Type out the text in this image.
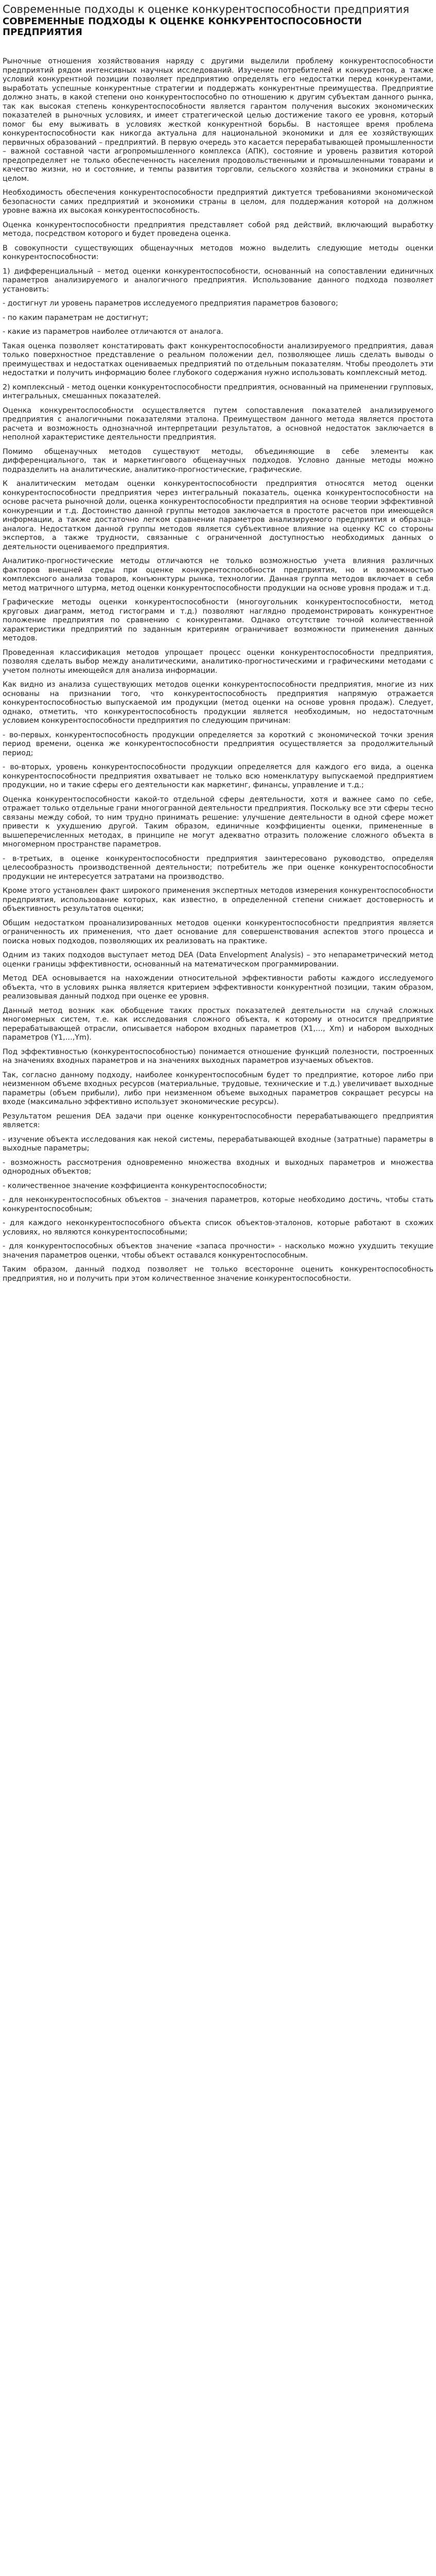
Современные подходы к оценке конкурентоспособности предприятия
СОВРЕМЕННЫЕ ПОДХОДЫ К ОЦЕНКЕ КОНКУРЕНТОСПОСОБНОСТИ ПРЕДПРИЯТИЯ

Рыночные отношения хозяйствования наряду с другими выделили проблему конкурентоспособности предприятий рядом интенсивных научных исследований. Изучение потребителей и конкурентов, а также условий конкурентной позиции позволяет предприятию определять его недостатки перед конкурентами, выработать успешные конкурентные стратегии и поддержать конкурентные преимущества. Предприятие должно знать, в какой степени оно конкурентоспособно по отношению к другим субъектам данного рынка, так как высокая степень конкурентоспособности является гарантом получения высоких экономических показателей в рыночных условиях, и имеет стратегической целью достижение такого ее уровня, который помог бы ему выживать в условиях жесткой конкурентной борьбы. В настоящее время проблема конкурентоспособности как никогда актуальна для национальной экономики и для ее хозяйствующих первичных образований – предприятий. В первую очередь это касается перерабатывающей промышленности – важной составной части агропромышленного комплекса (АПК), состояние и уровень развития которой предопределяет не только обеспеченность населения продовольственными и промышленными товарами и качество жизни, но и состояние, и темпы развития торговли, сельского хозяйства и экономики страны в целом.

Необходимость обеспечения конкурентоспособности предприятий диктуется требованиями экономической безопасности самих предприятий и экономики страны в целом, для поддержания которой на должном уровне важна их высокая конкурентоспособность.

Оценка конкурентоспособности предприятия представляет собой ряд действий, включающий выработку метода, посредством которого и будет проведена оценка.

В совокупности существующих общенаучных методов можно выделить следующие методы оценки конкурентоспособности:

1) дифференциальный – метод оценки конкурентоспособности, основанный на сопоставлении единичных параметров анализируемого и аналогичного предприятия. Использование данного подхода позволяет установить:

- достигнут ли уровень параметров исследуемого предприятия параметров базового;

- по каким параметрам не достигнут;

- какие из параметров наиболее отличаются от аналога.

Такая оценка позволяет констатировать факт конкурентоспособности анализируемого предприятия, давая только поверхностное представление о реальном положении дел, позволяющее лишь сделать выводы о преимуществах и недостатках оцениваемых предприятий по отдельным показателям. Чтобы преодолеть эти недостатки и получить информацию более глубокого содержания нужно использовать комплексный метод.

2) комплексный - метод оценки конкурентоспособности предприятия, основанный на применении групповых, интегральных, смешанных показателей.

Оценка конкурентоспособности осуществляется путем сопоставления показателей анализируемого предприятия с аналогичными показателями эталона. Преимуществом данного метода является простота расчета и возможность однозначной интерпретации результатов, а основной недостаток заключается в неполной характеристике деятельности предприятия.

Помимо общенаучных методов существуют методы, объединяющие в себе элементы как дифференциального, так и маркетингового общенаучных подходов. Условно данные методы можно подразделить на аналитические, аналитико-прогностические, графические.

К аналитическим методам оценки конкурентоспособности предприятия относятся метод оценки конкурентоспособности предприятия через интегральный показатель, оценка конкурентоспособности на основе расчета рыночной доли, оценка конкурентоспособности предприятия на основе теории эффективной конкуренции и т.д. Достоинство данной группы методов заключается в простоте расчетов при имеющейся информации, а также достаточно легком сравнении параметров анализируемого предприятия и образца-аналога. Недостатком данной группы методов является субъективное влияние на оценку КС со стороны экспертов, а также трудности, связанные с ограниченной доступностью необходимых данных о деятельности оцениваемого предприятия.

Аналитико-прогностические методы отличаются не только возможностью учета влияния различных факторов внешней среды при оценке конкурентоспособности предприятия, но и возможностью комплексного анализа товаров, конъюнктуры рынка, технологии. Данная группа методов включает в себя метод матричного штурма, метод оценки конкурентоспособности продукции на основе уровня продаж и т.д.

Графические методы оценки конкурентоспособности (многоугольник конкурентоспособности, метод круговых диаграмм, метод гистограмм и т.д.) позволяют наглядно продемонстрировать конкурентное положение предприятия по сравнению с конкурентами. Однако отсутствие точной количественной характеристики предприятий по заданным критериям ограничивает возможности применения данных методов.

Проведенная классификация методов упрощает процесс оценки конкурентоспособности предприятия, позволяя сделать выбор между аналитическими, аналитико-прогностическими и графическими методами с учетом полноты имеющейся для анализа информации.

Как видно из анализа существующих методов оценки конкурентоспособности предприятия, многие из них основаны на признании того, что конкурентоспособность предприятия напрямую отражается конкурентоспособностью выпускаемой им продукции (метод оценки на основе уровня продаж). Следует, однако, отметить, что конкурентоспособность продукции является необходимым, но недостаточным условием конкурентоспособности предприятия по следующим причинам:

- во-первых, конкурентоспособность продукции определяется за короткий с экономической точки зрения период времени, оценка же конкурентоспособности предприятия осуществляется за продолжительный период;

- во-вторых, уровень конкурентоспособности продукции определяется для каждого его вида, а оценка конкурентоспособности предприятия охватывает не только всю номенклатуру выпускаемой предприятием продукции, но и такие сферы его деятельности как маркетинг, финансы, управление и т.д.;

Оценка конкурентоспособности какой-то отдельной сферы деятельности, хотя и важнее само по себе, отражает только отдельные грани многогранной деятельности предприятия. Поскольку все эти сферы тесно связаны между собой, то ним трудно принимать решение: улучшение деятельности в одной сфере может привести к ухудшению другой. Таким образом, единичные коэффициенты оценки, примененные в вышеперечисленных методах, в принципе не могут адекватно отразить положение сложного объекта в многомерном пространстве параметров.

- в-третьих, в оценке конкурентоспособности предприятия заинтересовано руководство, определяя целесообразность производственной деятельности; потребитель же при оценке конкурентоспособности продукции не интересуется затратами на производство.

Кроме этого установлен факт широкого применения экспертных методов измерения конкурентоспособности предприятия, использование которых, как известно, в определенной степени снижает достоверность и объективность результатов оценки;

Общим недостатком проанализированных методов оценки конкурентоспособности предприятия является ограниченность их применения, что дает основание для совершенствования аспектов этого процесса и поиска новых подходов, позволяющих их реализовать на практике.

Одним из таких подходов выступает метод DEA (Data Envelopment Analysis) – это непараметрический метод оценки границы эффективности, основанный на математическом программировании.

Метод DEA основывается на нахождении относительной эффективности работы каждого исследуемого объекта, что в условиях рынка является критерием эффективности конкурентной позиции, таким образом, реализовывая данный подход при оценке ее уровня.

Данный метод возник как обобщение таких простых показателей деятельности на случай сложных многомерных систем, т.е. как исследования сложного объекта, к которому и относится предприятие перерабатывающей отрасли, описывается набором входных параметров (X1,…, Xm) и набором выходных параметров (Y1,…,Ym).

Под эффективностью (конкурентоспособностью) понимается отношение функций полезности, построенных на значениях входных параметров и на значениях выходных параметров изучаемых объектов.

Так, согласно данному подходу, наиболее конкурентоспособным будет то предприятие, которое либо при неизменном объеме входных ресурсов (материальные, трудовые, технические и т.д.) увеличивает выходные параметры (объем прибыли), либо при неизменном объеме выходных параметров сокращает ресурсы на входе (максимально эффективно использует экономические ресурсы).

Результатом решения DEA задачи при оценке конкурентоспособности перерабатывающего предприятия является:

- изучение объекта исследования как некой системы, перерабатывающей входные (затратные) параметры в выходные параметры;

- возможность рассмотрения одновременно множества входных и выходных параметров и множества однородных объектов;

- количественное значение коэффициента конкурентоспособности;

- для неконкурентоспособных объектов – значения параметров, которые необходимо достичь, чтобы стать конкурентоспособным;

- для каждого неконкурентоспособного объекта список объектов-эталонов, которые работают в схожих условиях, но являются конкурентоспособными;

- для конкурентоспособных объектов значение «запаса прочности» - насколько можно ухудшить текущие значения параметров оценки, чтобы объект оставался конкурентоспособным.

Таким образом, данный подход позволяет не только всесторонне оценить конкурентоспособность предприятия, но и получить при этом количественное значение конкурентоспособности.
